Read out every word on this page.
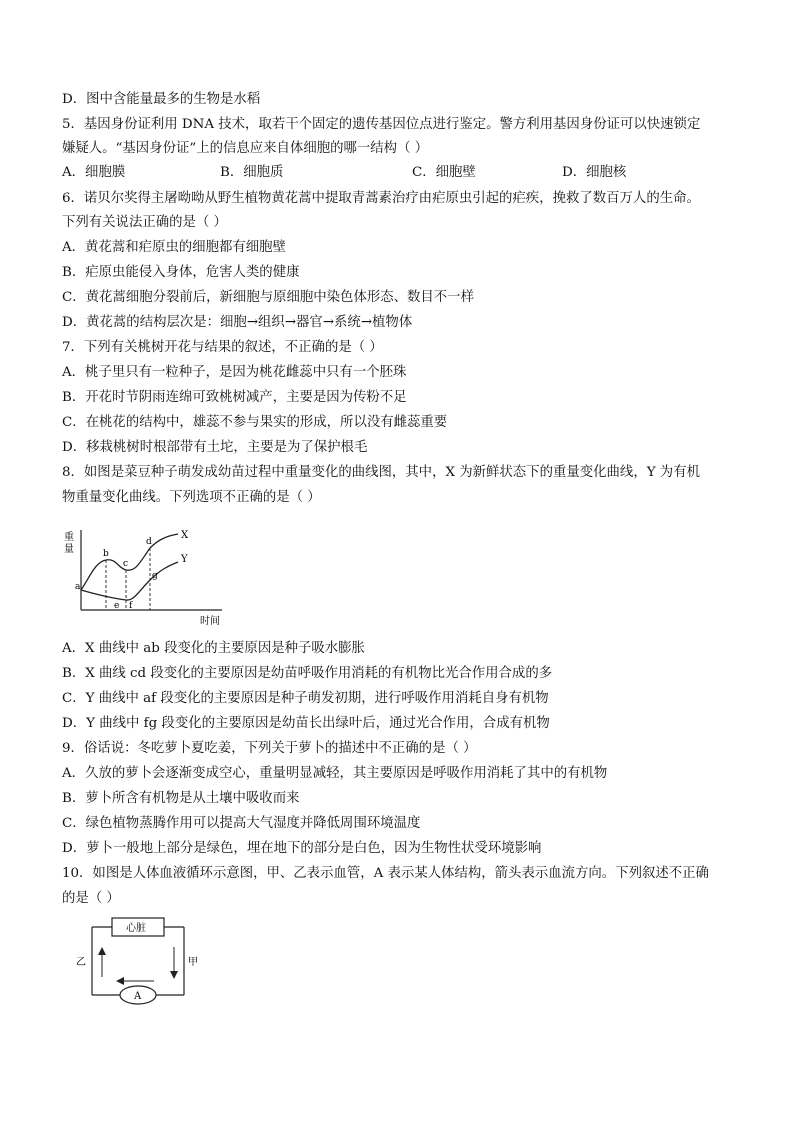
D．图中含能量最多的生物是水稻
5．基因身份证利用 DNA 技术，取若干个固定的遗传基因位点进行鉴定。警方利用基因身份证可以快速锁定
嫌疑人。“基因身份证”上的信息应来自体细胞的哪一结构（ ）
A．细胞膜	B．细胞质	C．细胞壁	D．细胞核
6．诺贝尔奖得主屠呦呦从野生植物黄花蒿中提取青蒿素治疗由疟原虫引起的疟疾，挽救了数百万人的生命。
下列有关说法正确的是（ ）
A．黄花蒿和疟原虫的细胞都有细胞壁
B．疟原虫能侵入身体，危害人类的健康
C．黄花蒿细胞分裂前后，新细胞与原细胞中染色体形态、数目不一样
D．黄花蒿的结构层次是：细胞→组织→器官→系统→植物体
7．下列有关桃树开花与结果的叙述，不正确的是（ ）
A．桃子里只有一粒种子，是因为桃花雌蕊中只有一个胚珠
B．开花时节阴雨连绵可致桃树减产，主要是因为传粉不足
C．在桃花的结构中，雄蕊不参与果实的形成，所以没有雌蕊重要
D．移栽桃树时根部带有土坨，主要是为了保护根毛
8．如图是菜豆种子萌发成幼苗过程中重量变化的曲线图，其中，X 为新鲜状态下的重量变化曲线，Y 为有机
物重量变化曲线。下列选项不正确的是（ ）
重
量
时间
a
b
c
d
e f
g
X
Y
A．X 曲线中 ab 段变化的主要原因是种子吸水膨胀
B．X 曲线 cd 段变化的主要原因是幼苗呼吸作用消耗的有机物比光合作用合成的多
C．Y 曲线中 af 段变化的主要原因是种子萌发初期，进行呼吸作用消耗自身有机物
D．Y 曲线中 fg 段变化的主要原因是幼苗长出绿叶后，通过光合作用，合成有机物
9．俗话说：冬吃萝卜夏吃姜，下列关于萝卜的描述中不正确的是（ ）
A．久放的萝卜会逐渐变成空心，重量明显减轻，其主要原因是呼吸作用消耗了其中的有机物
B．萝卜所含有机物是从土壤中吸收而来
C．绿色植物蒸腾作用可以提高大气湿度并降低周围环境温度
D．萝卜一般地上部分是绿色，埋在地下的部分是白色，因为生物性状受环境影响
10．如图是人体血液循环示意图，甲、乙表示血管，A 表示某人体结构，箭头表示血流方向。下列叙述不正确
的是（ ）
心脏
A
乙	甲
